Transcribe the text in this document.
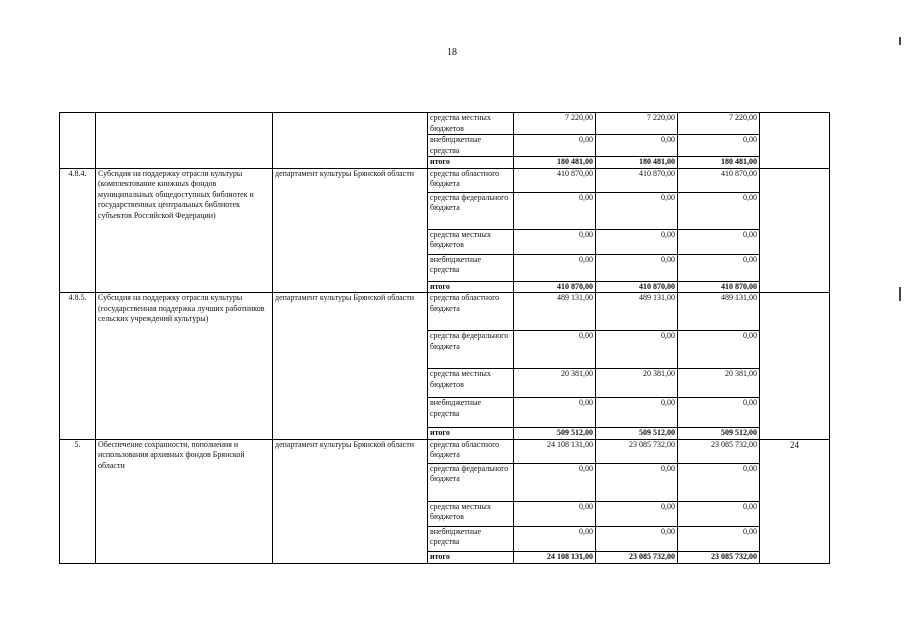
18
			средства местных бюджетов	7 220,00	7 220,00	7 220,00	
			внебюджетные средства	0,00	0,00	0,00	
			итого	180 481,00	180 481,00	180 481,00	
4.8.4.	Субсидия на поддержку отрасли культуры (комплектование книжных фондов муниципальных общедоступных библиотек и государственных центральных библиотек субъектов Российской Федерации)	департамент культуры Брянской области	средства областного бюджета	410 870,00	410 870,00	410 870,00	
			средства федерального бюджета	0,00	0,00	0,00	
			средства местных бюджетов	0,00	0,00	0,00	
			внебюджетные средства	0,00	0,00	0,00	
			итого	410 870,00	410 870,00	410 870,00	
4.8.5.	Субсидия на поддержку отрасли культуры (государственная поддержка лучших работников сельских учреждений культуры)	департамент культуры Брянской области	средства областного бюджета	489 131,00	489 131,00	489 131,00	
			средства федерального бюджета	0,00	0,00	0,00	
			средства местных бюджетов	20 381,00	20 381,00	20 381,00	
			внебюджетные средства	0,00	0,00	0,00	
			итого	509 512,00	509 512,00	509 512,00	
5.	Обеспечение сохранности, пополнения и использования архивных фондов Брянской области	департамент культуры Брянской области	средства областного бюджета	24 108 131,00	23 085 732,00	23 085 732,00	24
			средства федерального бюджета	0,00	0,00	0,00	
			средства местных бюджетов	0,00	0,00	0,00	
			внебюджетные средства	0,00	0,00	0,00	
			итого	24 108 131,00	23 085 732,00	23 085 732,00	
